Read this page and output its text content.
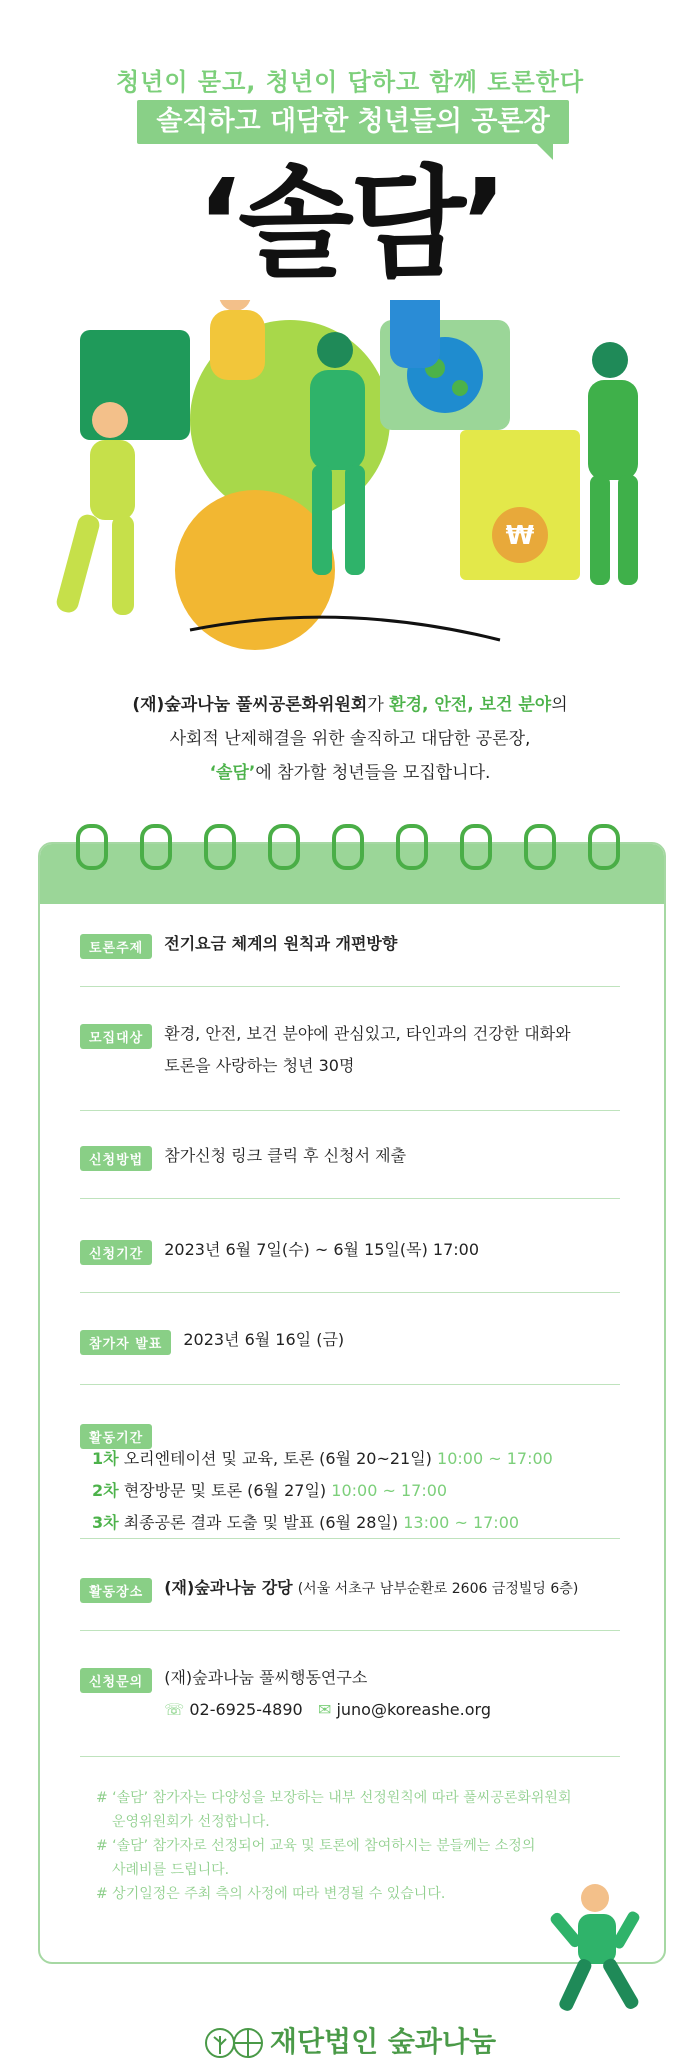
청년이 묻고, 청년이 답하고 함께 토론한다
솔직하고 대담한 청년들의 공론장
‘솔담’
₩
(재)숲과나눔 풀씨공론화위원회가 환경, 안전, 보건 분야의
사회적 난제해결을 위한 솔직하고 대담한 공론장,
‘솔담’에 참가할 청년들을 모집합니다.
토론주제 전기요금 체계의 원칙과 개편방향
모집대상 환경, 안전, 보건 분야에 관심있고, 타인과의 건강한 대화와
토론을 사랑하는 청년 30명
신청방법 참가신청 링크 클릭 후 신청서 제출
신청기간 2023년 6월 7일(수) ~ 6월 15일(목) 17:00
참가자 발표 2023년 6월 16일 (금)
활동기간
1차 오리엔테이션 및 교육, 토론 (6월 20~21일) 10:00 ~ 17:00
2차 현장방문 및 토론 (6월 27일) 10:00 ~ 17:00
3차 최종공론 결과 도출 및 발표 (6월 28일) 13:00 ~ 17:00
활동장소 (재)숲과나눔 강당 (서울 서초구 남부순환로 2606 금정빌딩 6층)
신청문의 (재)숲과나눔 풀씨행동연구소
☏ 02-6925-4890 ✉ juno@koreashe.org
# ‘솔담’ 참가자는 다양성을 보장하는 내부 선정원칙에 따라 풀씨공론화위원회
운영위원회가 선정합니다.
# ‘솔담’ 참가자로 선정되어 교육 및 토론에 참여하시는 분들께는 소정의
사례비를 드립니다.
# 상기일정은 주최 측의 사정에 따라 변경될 수 있습니다.
재단법인 숲과나눔
